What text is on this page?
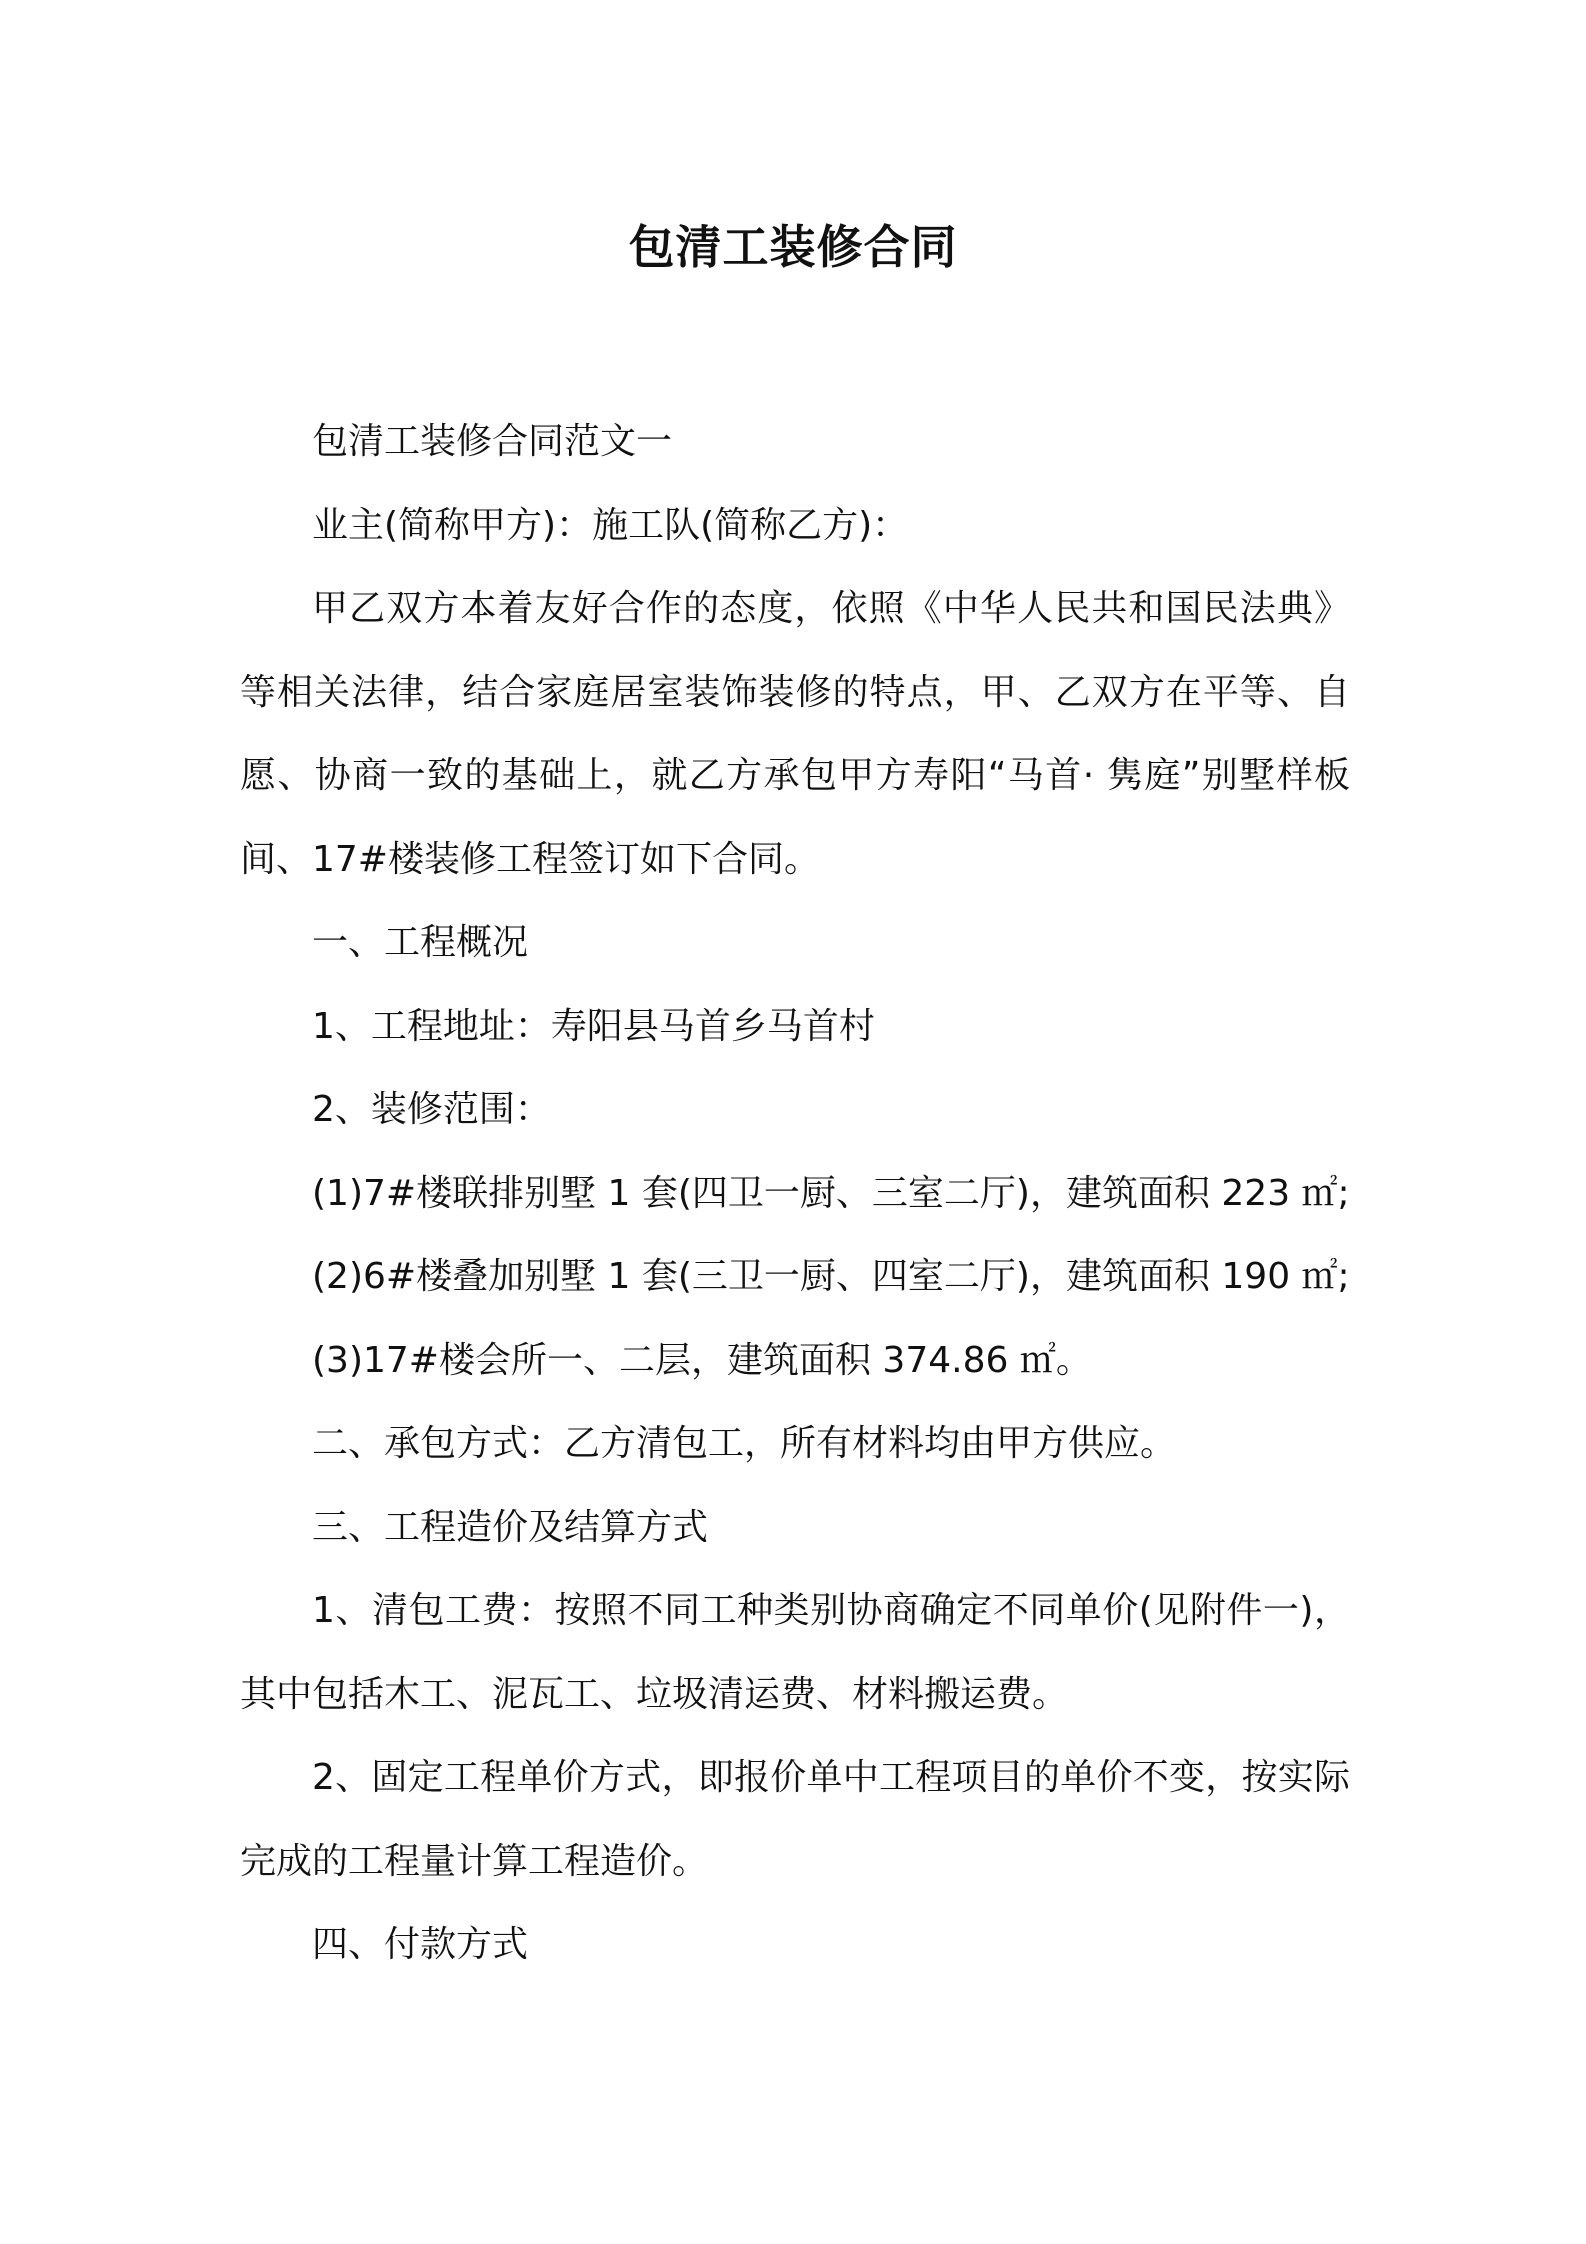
包清工装修合同

包清工装修合同范文一

业主(简称甲方)：施工队(简称乙方)：

甲乙双方本着友好合作的态度，依照《中华人民共和国民法典》等相关法律，结合家庭居室装饰装修的特点，甲、乙双方在平等、自愿、协商一致的基础上，就乙方承包甲方寿阳“马首· 隽庭”别墅样板间、17#楼装修工程签订如下合同。

一、工程概况

1、工程地址：寿阳县马首乡马首村

2、装修范围：

(1)7#楼联排别墅 1 套(四卫一厨、三室二厅)，建筑面积 223 ㎡;

(2)6#楼叠加别墅 1 套(三卫一厨、四室二厅)，建筑面积 190 ㎡;

(3)17#楼会所一、二层，建筑面积 374.86 ㎡。

二、承包方式：乙方清包工，所有材料均由甲方供应。

三、工程造价及结算方式

1、清包工费：按照不同工种类别协商确定不同单价(见附件一)，其中包括木工、泥瓦工、垃圾清运费、材料搬运费。

2、固定工程单价方式，即报价单中工程项目的单价不变，按实际完成的工程量计算工程造价。

四、付款方式
